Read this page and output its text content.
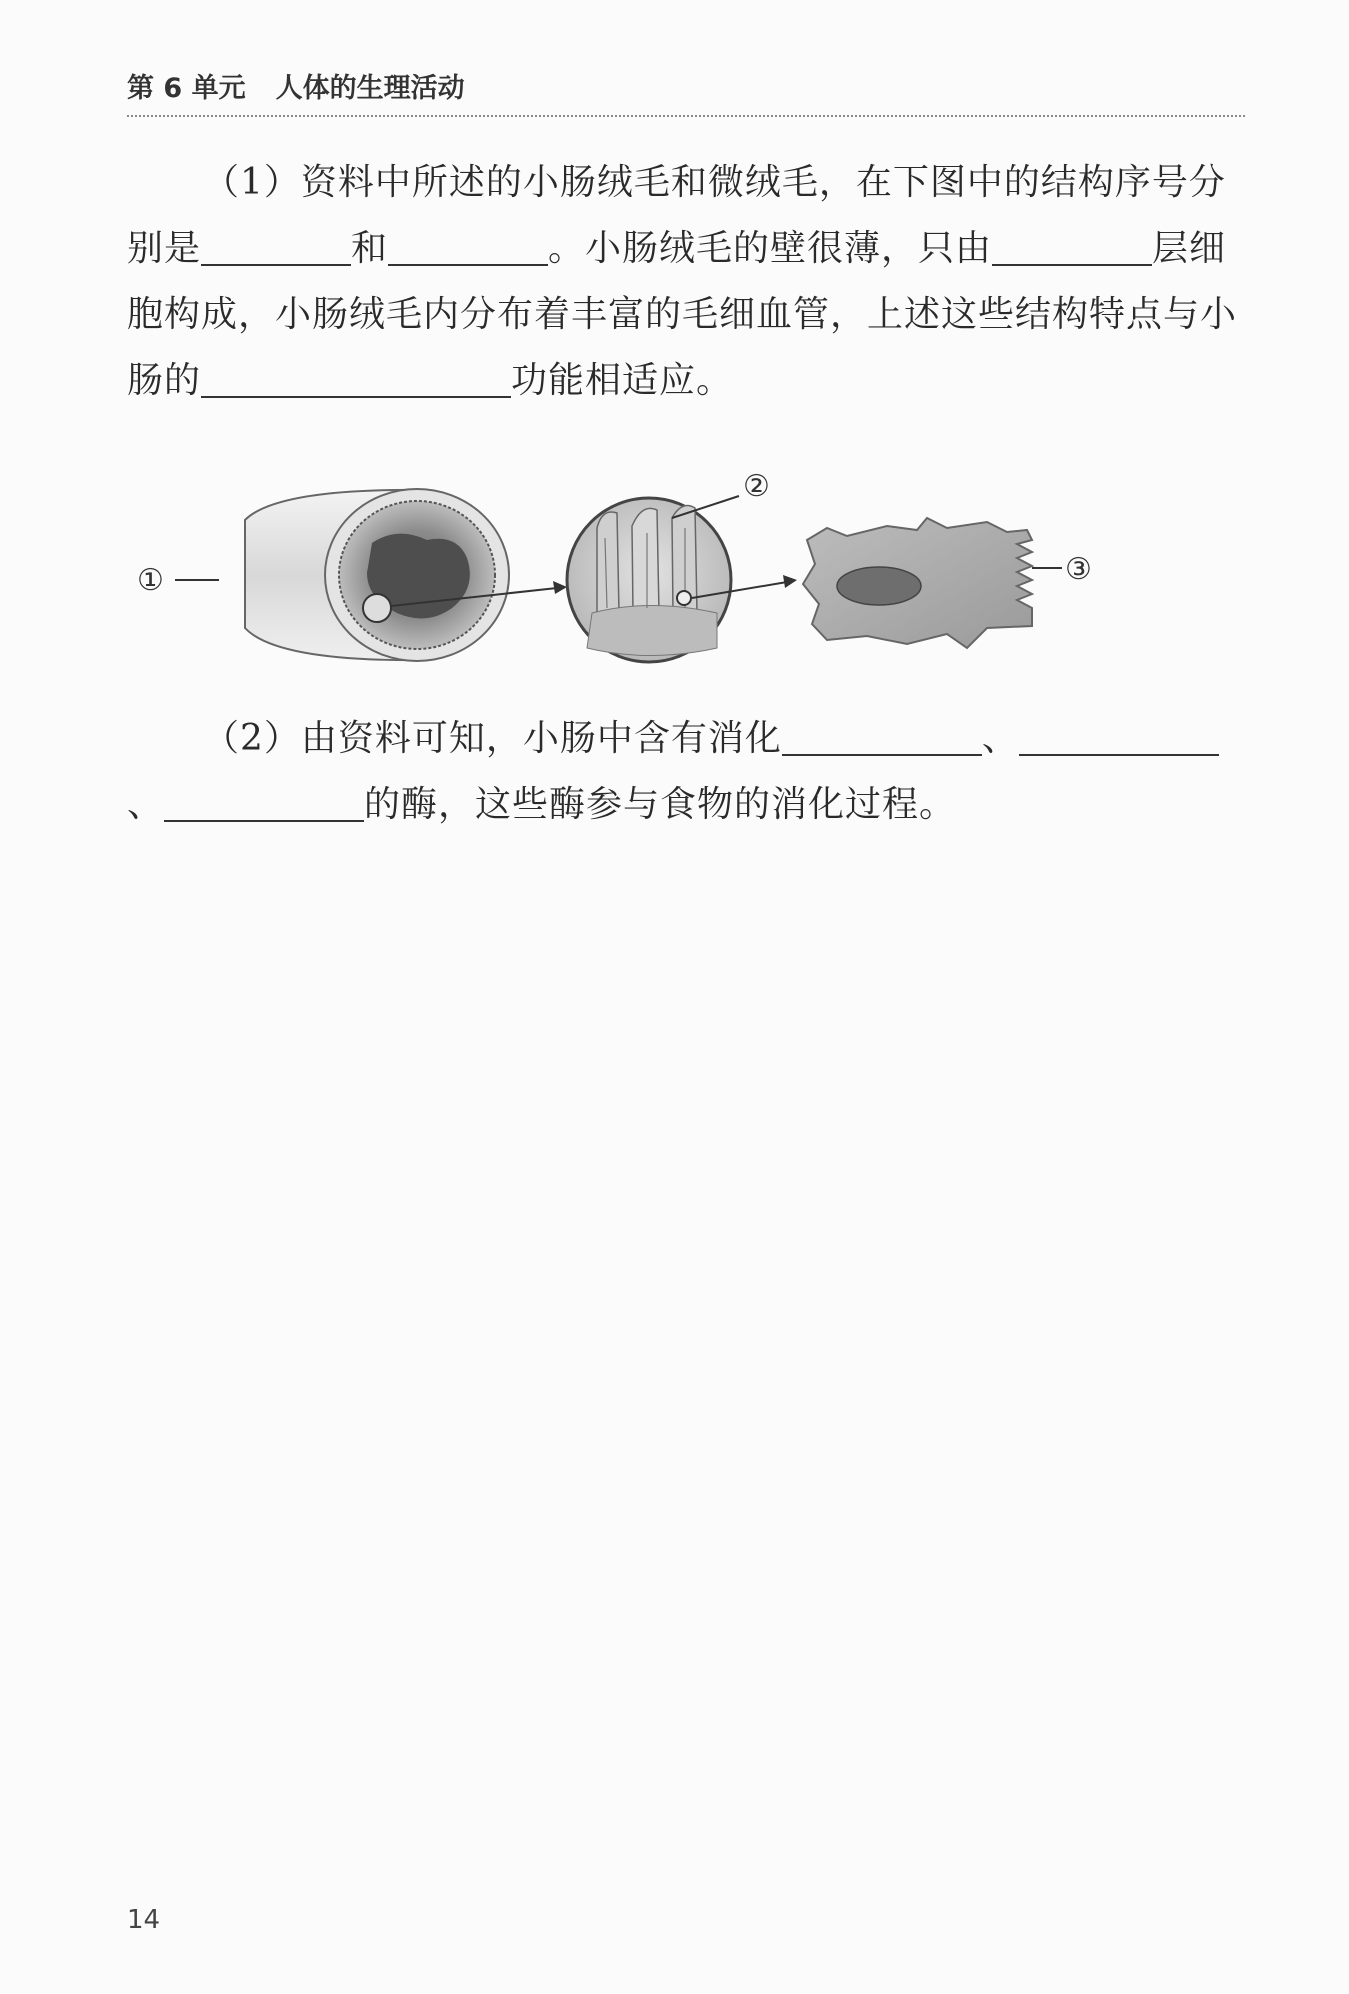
第 6 单元 人体的生理活动
（1）资料中所述的小肠绒毛和微绒毛，在下图中的结构序号分别是	和	。小肠绒毛的壁很薄，只由	层细胞构成，小肠绒毛内分布着丰富的毛细血管，上述这些结构特点与小肠的	功能相适应。
①
②
③
（2）由资料可知，小肠中含有消化	、、	的酶，这些酶参与食物的消化过程。
14
